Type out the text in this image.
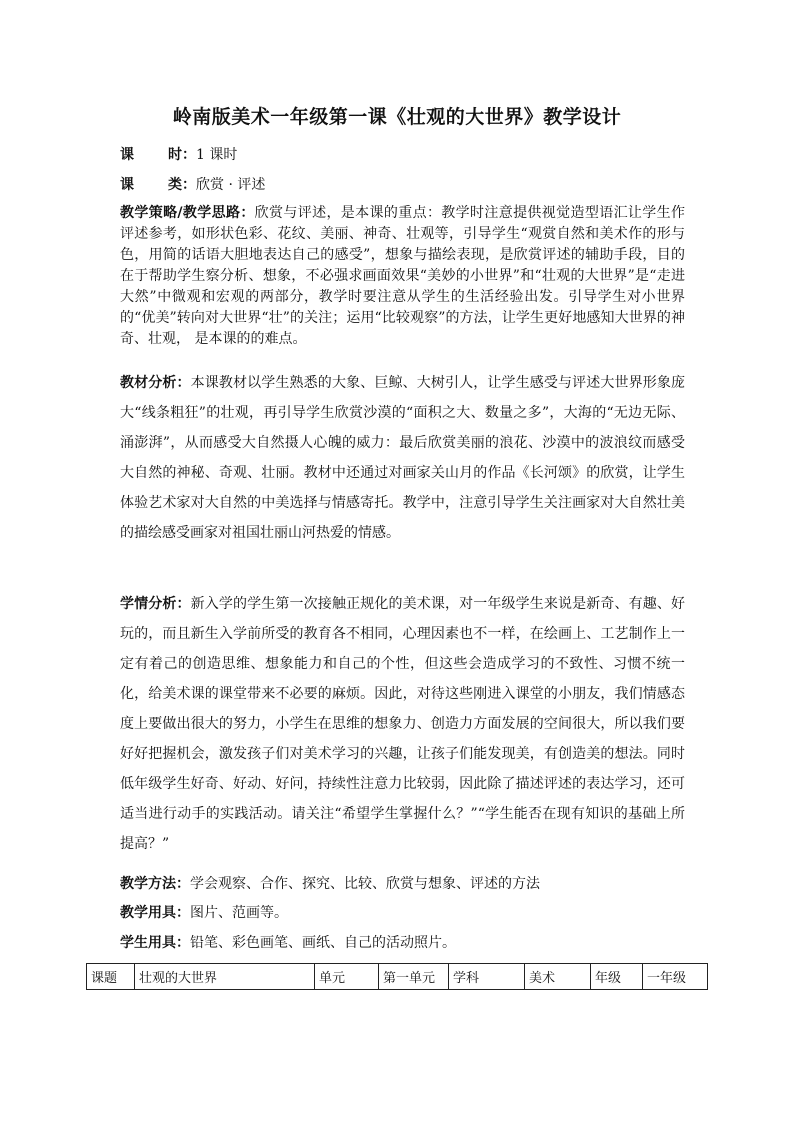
岭南版美术一年级第一课《壮观的大世界》教学设计
课 时：1 课时
课 类：欣赏 · 评述
教学策略/教学思路：欣赏与评述，是本课的重点：教学时注意提供视觉造型语汇让学生作评述参考，如形状色彩、花纹、美丽、神奇、壮观等，引导学生“观赏自然和美术作的形与色，用简的话语大胆地表达自己的感受”，想象与描绘表现，是欣赏评述的辅助手段，目的在于帮助学生察分析、想象，不必强求画面效果“美妙的小世界”和“壮观的大世界”是“走进大然”中微观和宏观的两部分，教学时要注意从学生的生活经验出发。引导学生对小世界的“优美”转向对大世界“壮”的关注；运用“比较观察”的方法，让学生更好地感知大世界的神奇、壮观， 是本课的的难点。
教材分析：本课教材以学生熟悉的大象、巨鲸、大树引人，让学生感受与评述大世界形象庞大“线条粗狂”的壮观，再引导学生欣赏沙漠的“面积之大、数量之多”，大海的“无边无际、涌澎湃”，从而感受大自然摄人心魄的威力：最后欣赏美丽的浪花、沙漠中的波浪纹而感受大自然的神秘、奇观、壮丽。教材中还通过对画家关山月的作品《长河颂》的欣赏，让学生体验艺术家对大自然的中美选择与情感寄托。教学中，注意引导学生关注画家对大自然壮美的描绘感受画家对祖国壮丽山河热爱的情感。
学情分析：新入学的学生第一次接触正规化的美术课，对一年级学生来说是新奇、有趣、好玩的，而且新生入学前所受的教育各不相同，心理因素也不一样，在绘画上、工艺制作上一定有着己的创造思维、想象能力和自己的个性，但这些会造成学习的不致性、习惯不统一化，给美术课的课堂带来不必要的麻烦。因此，对待这些刚进入课堂的小朋友，我们情感态度上要做出很大的努力，小学生在思维的想象力、创造力方面发展的空间很大，所以我们要好好把握机会，激发孩子们对美术学习的兴趣，让孩子们能发现美，有创造美的想法。同时低年级学生好奇、好动、好问，持续性注意力比较弱，因此除了描述评述的表达学习，还可适当进行动手的实践活动。请关注“希望学生掌握什么？”“学生能否在现有知识的基础上所提高？”
教学方法：学会观察、合作、探究、比较、欣赏与想象、评述的方法
教学用具：图片、范画等。
学生用具：铅笔、彩色画笔、画纸、自己的活动照片。
课题	壮观的大世界	单元	第一单元	学科	美术	年级	一年级
